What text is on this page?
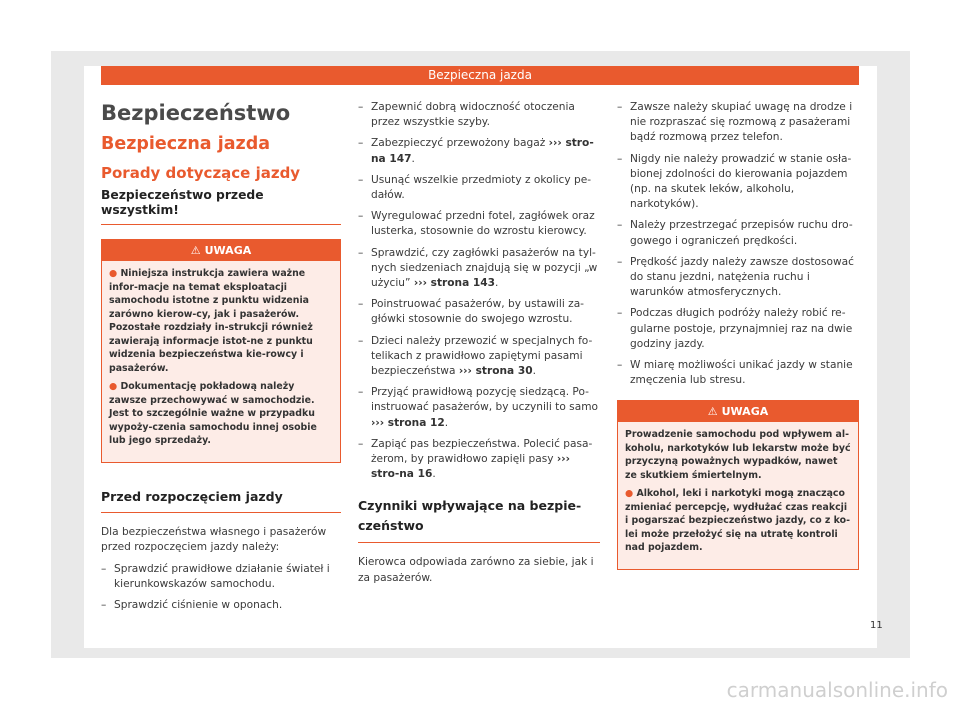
Bezpieczna jazda
Bezpieczeństwo
Bezpieczna jazda
Porady dotyczące jazdy
Bezpieczeństwo przede wszystkim!
⚠ UWAGA

● Niniejsza instrukcja zawiera ważne infor-macje na temat eksploatacji samochodu istotne z punktu widzenia zarówno kierow-cy, jak i pasażerów. Pozostałe rozdziały in-strukcji również zawierają informacje istot-ne z punktu widzenia bezpieczeństwa kie-rowcy i pasażerów.

● Dokumentację pokładową należy zawsze przechowywać w samochodzie. Jest to szczególnie ważne w przypadku wypoży-czenia samochodu innej osobie lub jego sprzedaży.

Przed rozpoczęciem jazdy

Dla bezpieczeństwa własnego i pasażerów przed rozpoczęciem jazdy należy:

– Sprawdzić prawidłowe działanie świateł i kierunkowskazów samochodu.
– Sprawdzić ciśnienie w oponach.
– Zapewnić dobrą widoczność otoczenia przez wszystkie szyby.
– Zabezpieczyć przewożony bagaż ››› stro-na 147.
– Usunąć wszelkie przedmioty z okolicy pe-dałów.
– Wyregulować przedni fotel, zagłówek oraz lusterka, stosownie do wzrostu kierowcy.
– Sprawdzić, czy zagłówki pasażerów na tyl-nych siedzeniach znajdują się w pozycji „w użyciu” ››› strona 143.
– Poinstruować pasażerów, by ustawili za-główki stosownie do swojego wzrostu.
– Dzieci należy przewozić w specjalnych fo-telikach z prawidłowo zapiętymi pasami bezpieczeństwa ››› strona 30.
– Przyjąć prawidłową pozycję siedzącą. Po-instruować pasażerów, by uczynili to samo ››› strona 12.
– Zapiąć pas bezpieczeństwa. Polecić pasa-żerom, by prawidłowo zapięli pasy ››› stro-na 16.
Czynniki wpływające na bezpie-czeństwo

Kierowca odpowiada zarówno za siebie, jak i za pasażerów.

– Zawsze należy skupiać uwagę na drodze i nie rozpraszać się rozmową z pasażerami bądź rozmową przez telefon.
– Nigdy nie należy prowadzić w stanie osła-bionej zdolności do kierowania pojazdem (np. na skutek leków, alkoholu, narkotyków).
– Należy przestrzegać przepisów ruchu dro-gowego i ograniczeń prędkości.
– Prędkość jazdy należy zawsze dostosować do stanu jezdni, natężenia ruchu i warunków atmosferycznych.
– Podczas długich podróży należy robić re-gularne postoje, przynajmniej raz na dwie godziny jazdy.
– W miarę możliwości unikać jazdy w stanie zmęczenia lub stresu.
⚠ UWAGA

Prowadzenie samochodu pod wpływem al-koholu, narkotyków lub lekarstw może być przyczyną poważnych wypadków, nawet ze skutkiem śmiertelnym.

● Alkohol, leki i narkotyki mogą znacząco zmieniać percepcję, wydłużać czas reakcji i pogarszać bezpieczeństwo jazdy, co z ko-lei może przełożyć się na utratę kontroli nad pojazdem.

11
carmanualsonline.info
